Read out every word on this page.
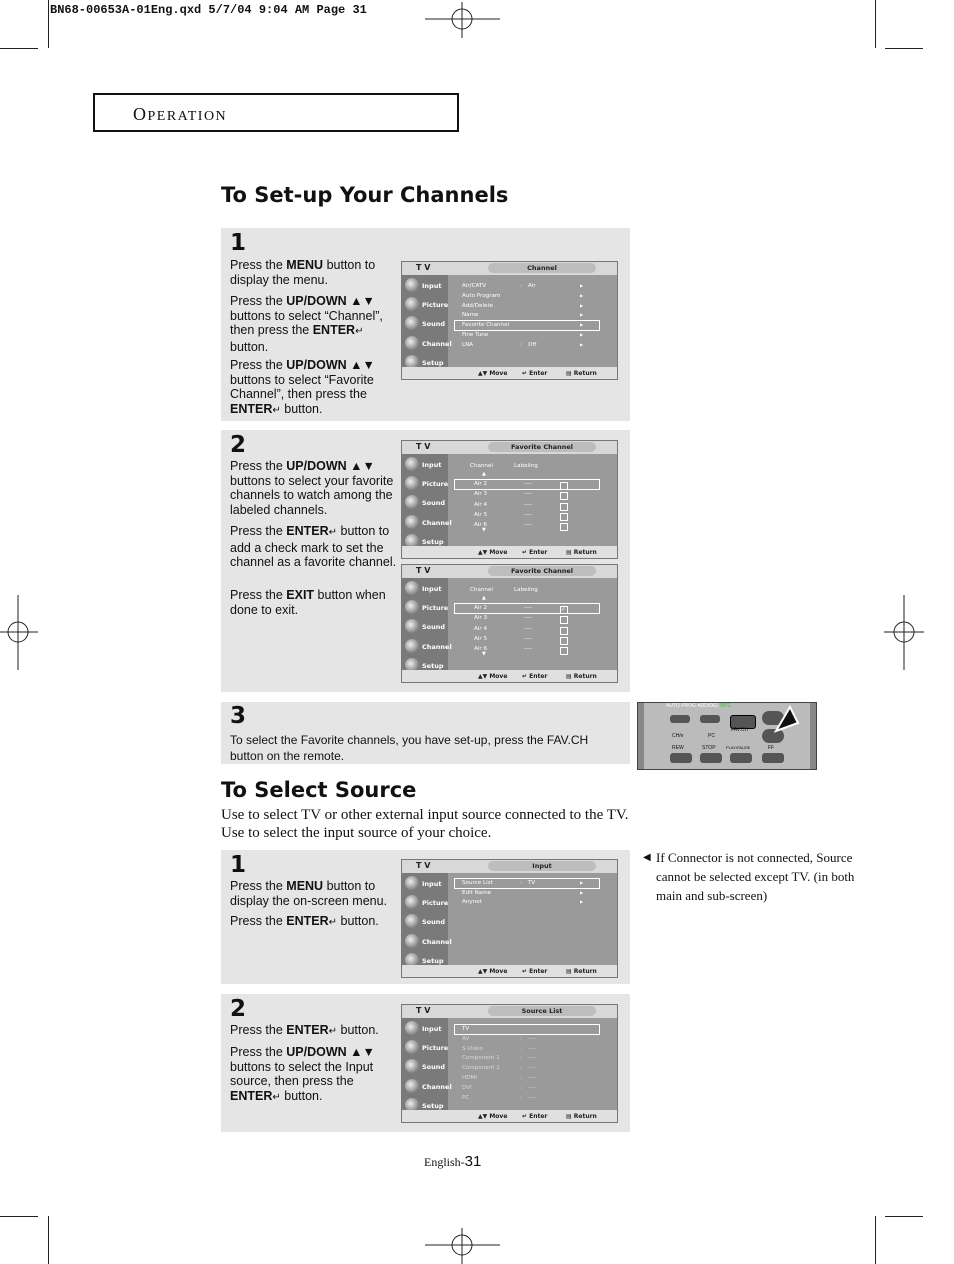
BN68-00653A-01Eng.qxd 5/7/04 9:04 AM Page 31
OPERATION
To Set-up Your Channels
1
Press the MENU button to display the menu.
Press the UP/DOWN ▲▼ buttons to select “Channel”, then press the ENTER↵ button.
Press the UP/DOWN ▲▼ buttons to select “Favorite Channel”, then press the ENTER↵ button.
T V	Channel
Input
Picture
Sound
Channel
Setup
▲▼ Move ↵ Enter	▤ Return
Air/CATV	: Air	▶
Auto Program	▶
Add/Delete	▶
Name	▶
Favorite Channel	▶
Fine Tune	▶
LNA	: Off	▶
2
Press the UP/DOWN ▲▼ buttons to select your favorite channels to watch among the labeled channels.
Press the ENTER↵ button to add a check mark to set the channel as a favorite channel.
Press the EXIT button when done to exit.
T V	Favorite Channel
Input
Picture
Sound
Channel
Setup
Channel	Labeling
▲
▼
▲▼ Move ↵ Enter	▤ Return
Air 2	----
Air 3	----
Air 4	----
Air 5	----
Air 6	----
T V	Favorite Channel
Input
Picture
Sound
Channel
Setup
Channel	Labeling
▲
▼
▲▼ Move ↵ Enter	▤ Return
Air 2	----	✓
Air 3	----
Air 4	----
Air 5	----
Air 6	----
3
To select the Favorite channels, you have set-up, press the FAV.CH button on the remote.
AUTO PROG ADD/DEL BPS
CH/e	PC
FAV.CH
REW	STOP	PLAY/PAUSE	FF
To Select Source
Use to select TV or other external input source connected to the TV.
Use to select the input source of your choice.
◀ If Connector is not connected, Source cannot be selected except TV. (in both main and sub-screen)
1
Press the MENU button to display the on-screen menu.
Press the ENTER↵ button.
T V	Input
Input
Picture
Sound
Channel
Setup
▲▼ Move ↵ Enter	▤ Return
Source List	: TV	▶
Edit Name	▶
Anynet	▶
2
Press the ENTER↵ button.
Press the UP/DOWN ▲▼ buttons to select the Input source, then press the ENTER↵ button.
T V	Source List
Input
Picture
Sound
Channel
Setup
▲▼ Move ↵ Enter	▤ Return
TV
AV	: ----
S-Video	: ----
Component 1	: ----
Component 2	: ----
HDMI	: ----
DVI	: ----
PC	: ----
English-31
